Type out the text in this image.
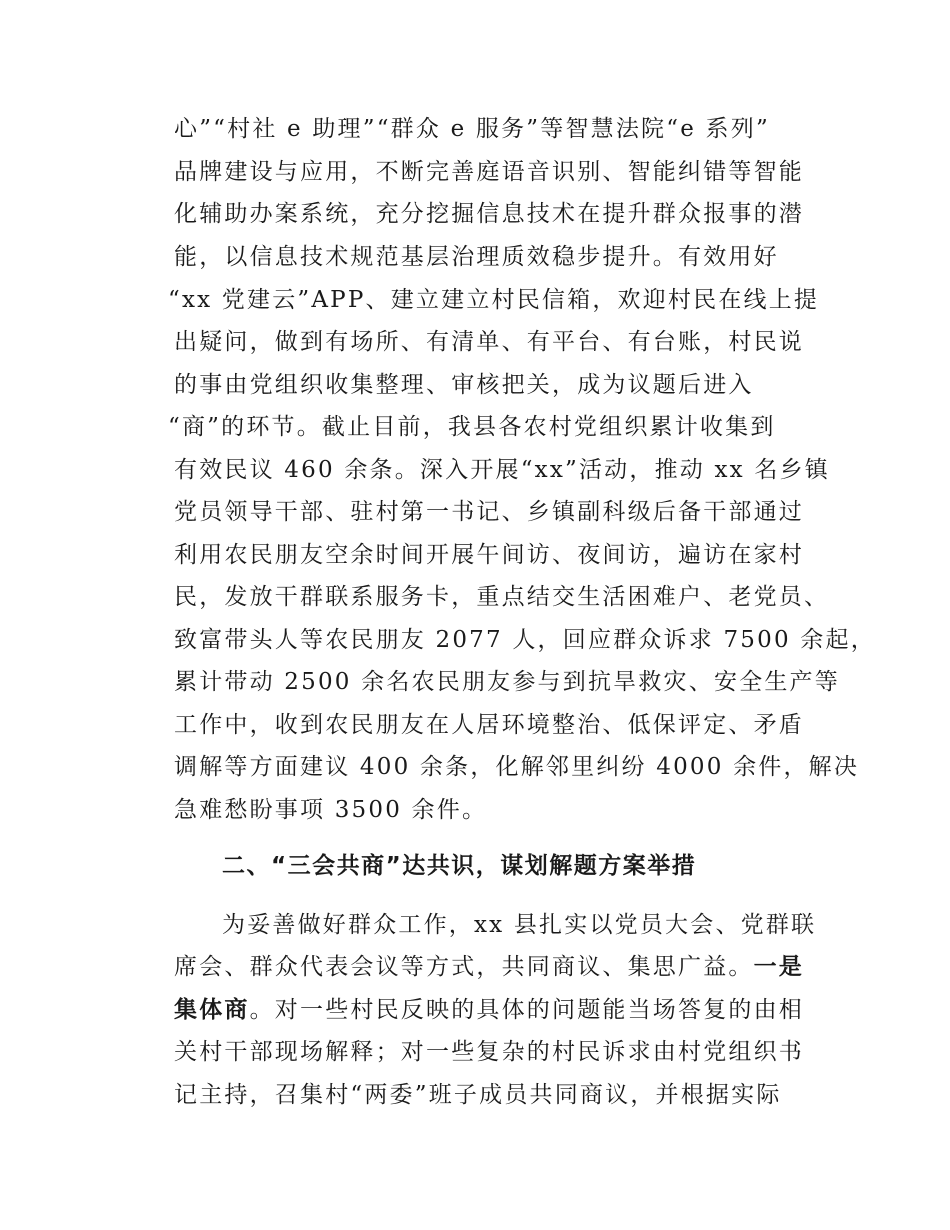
心”“村社 e 助理”“群众 e 服务”等智慧法院“e 系列”
品牌建设与应用，不断完善庭语音识别、智能纠错等智能
化辅助办案系统，充分挖掘信息技术在提升群众报事的潜
能，以信息技术规范基层治理质效稳步提升。有效用好
“xx 党建云”APP、建立建立村民信箱，欢迎村民在线上提
出疑问，做到有场所、有清单、有平台、有台账，村民说
的事由党组织收集整理、审核把关，成为议题后进入
“商”的环节。截止目前，我县各农村党组织累计收集到
有效民议 460 余条。深入开展“xx”活动，推动 xx 名乡镇
党员领导干部、驻村第一书记、乡镇副科级后备干部通过
利用农民朋友空余时间开展午间访、夜间访，遍访在家村
民，发放干群联系服务卡，重点结交生活困难户、老党员、
致富带头人等农民朋友 2077 人，回应群众诉求 7500 余起，
累计带动 2500 余名农民朋友参与到抗旱救灾、安全生产等
工作中，收到农民朋友在人居环境整治、低保评定、矛盾
调解等方面建议 400 余条，化解邻里纠纷 4000 余件，解决
急难愁盼事项 3500 余件。
二、“三会共商”达共识，谋划解题方案举措
为妥善做好群众工作，xx 县扎实以党员大会、党群联
席会、群众代表会议等方式，共同商议、集思广益。一是
集体商。对一些村民反映的具体的问题能当场答复的由相
关村干部现场解释；对一些复杂的村民诉求由村党组织书
记主持，召集村“两委”班子成员共同商议，并根据实际
